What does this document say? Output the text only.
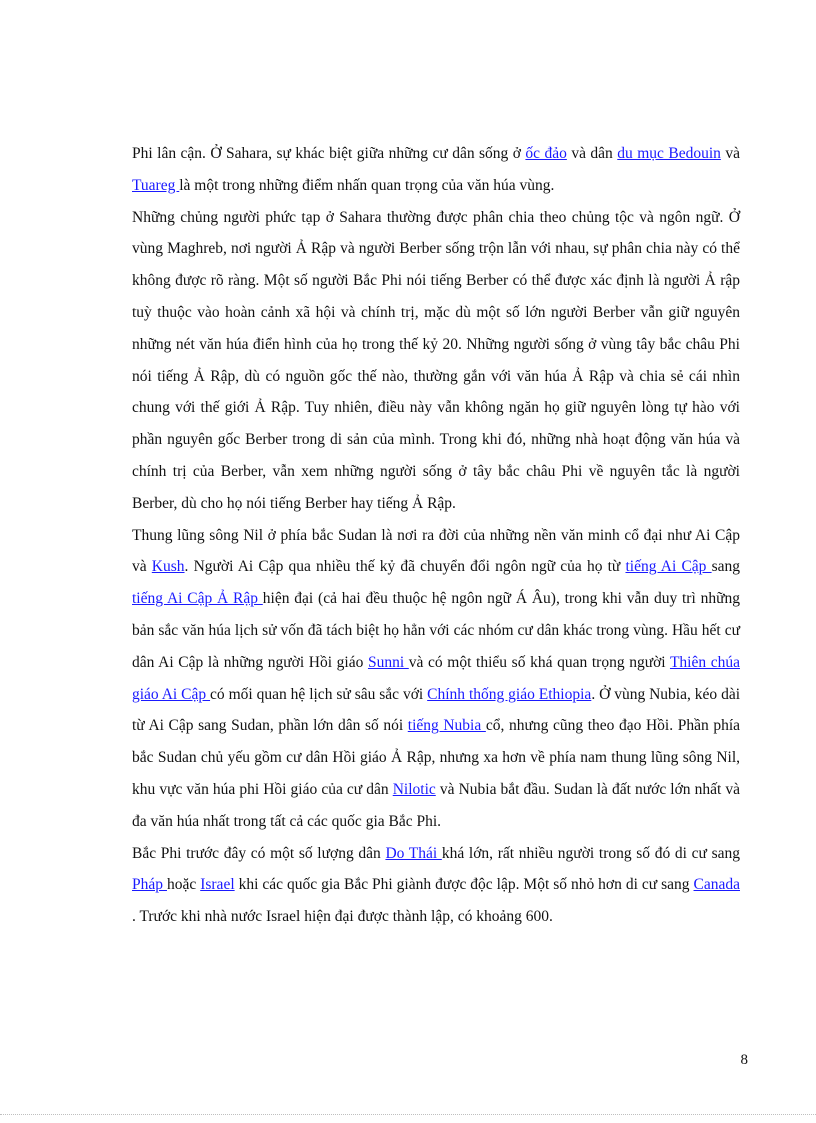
Phi lân cận. Ở Sahara, sự khác biệt giữa những cư dân sống ở ốc đảo và dân du mục Bedouin và Tuareg là một trong những điểm nhấn quan trọng của văn húa vùng.

Những chủng người phức tạp ở Sahara thường được phân chia theo chủng tộc và ngôn ngữ. Ở vùng Maghreb, nơi người Ả Rập và người Berber sống trộn lẫn với nhau, sự phân chia này có thể không được rõ ràng. Một số người Bắc Phi nói tiếng Berber có thể được xác định là người Ả rập tuỳ thuộc vào hoàn cảnh xã hội và chính trị, mặc dù một số lớn người Berber vẫn giữ nguyên những nét văn húa điển hình của họ trong thế kỷ 20. Những người sống ở vùng tây bắc châu Phi nói tiếng Ả Rập, dù có nguồn gốc thế nào, thường gắn với văn húa Ả Rập và chia sẻ cái nhìn chung với thế giới Ả Rập. Tuy nhiên, điều này vẫn không ngăn họ giữ nguyên lòng tự hào với phần nguyên gốc Berber trong di sản của mình. Trong khi đó, những nhà hoạt động văn húa và chính trị của Berber, vẫn xem những người sống ở tây bắc châu Phi về nguyên tắc là người Berber, dù cho họ nói tiếng Berber hay tiếng Ả Rập.

Thung lũng sông Nil ở phía bắc Sudan là nơi ra đời của những nền văn minh cổ đại như Ai Cập và Kush. Người Ai Cập qua nhiều thế kỷ đã chuyển đổi ngôn ngữ của họ từ tiếng Ai Cập sang tiếng Ai Cập Ả Rập hiện đại (cả hai đều thuộc hệ ngôn ngữ Á Âu), trong khi vẫn duy trì những bản sắc văn húa lịch sử vốn đã tách biệt họ hẳn với các nhóm cư dân khác trong vùng. Hầu hết cư dân Ai Cập là những người Hồi giáo Sunni và có một thiểu số khá quan trọng người Thiên chúa giáo Ai Cập có mối quan hệ lịch sử sâu sắc với Chính thống giáo Ethiopia. Ở vùng Nubia, kéo dài từ Ai Cập sang Sudan, phần lớn dân số nói tiếng Nubia cổ, nhưng cũng theo đạo Hồi. Phần phía bắc Sudan chủ yếu gồm cư dân Hồi giáo Ả Rập, nhưng xa hơn về phía nam thung lũng sông Nil, khu vực văn húa phi Hồi giáo của cư dân Nilotic và Nubia bắt đầu. Sudan là đất nước lớn nhất và đa văn húa nhất trong tất cả các quốc gia Bắc Phi.

Bắc Phi trước đây có một số lượng dân Do Thái khá lớn, rất nhiều người trong số đó di cư sang Pháp hoặc Israel khi các quốc gia Bắc Phi giành được độc lập. Một số nhỏ hơn di cư sang Canada . Trước khi nhà nước Israel hiện đại được thành lập, có khoảng 600.

8
